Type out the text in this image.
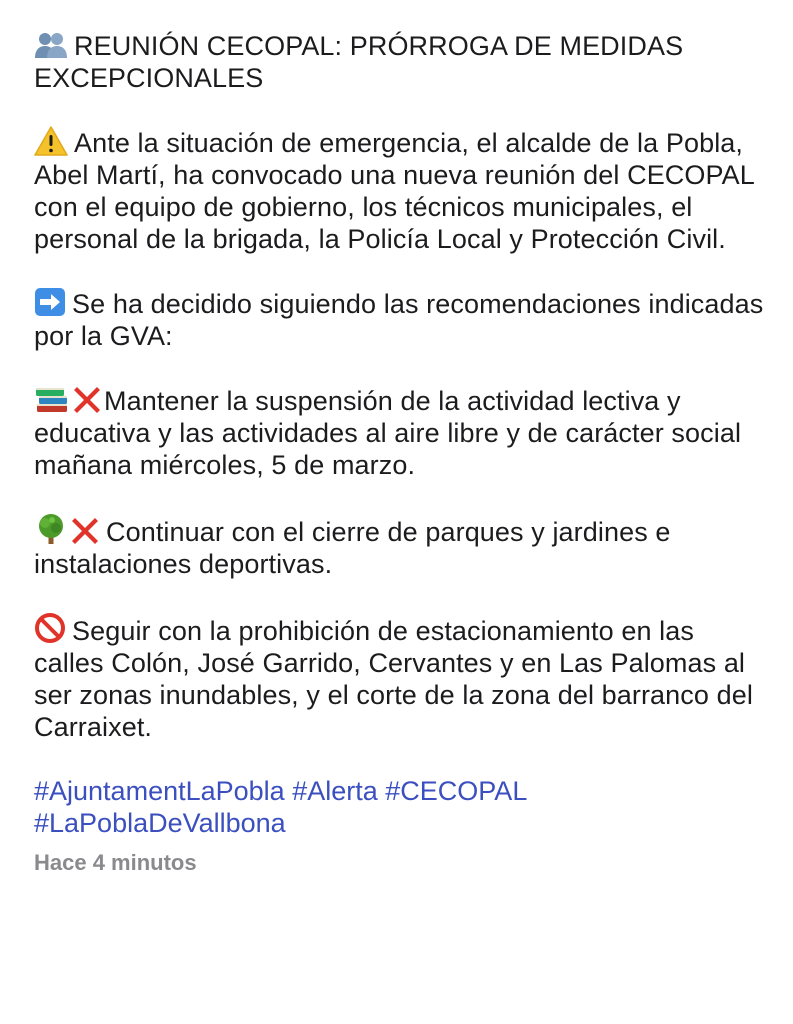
REUNIÓN CECOPAL: PRÓRROGA DE MEDIDAS EXCEPCIONALES

Ante la situación de emergencia, el alcalde de la Pobla, Abel Martí, ha convocado una nueva reunión del CECOPAL con el equipo de gobierno, los técnicos municipales, el personal de la brigada, la Policía Local y Protección Civil.

Se ha decidido siguiendo las recomendaciones indicadas por la GVA:

Mantener la suspensión de la actividad lectiva y educativa y las actividades al aire libre y de carácter social mañana miércoles, 5 de marzo.

Continuar con el cierre de parques y jardines e instalaciones deportivas.

Seguir con la prohibición de estacionamiento en las calles Colón, José Garrido, Cervantes y en Las Palomas al ser zonas inundables, y el corte de la zona del barranco del Carraixet.

#AjuntamentLaPobla #Alerta #CECOPAL #LaPoblaDeVallbona

Hace 4 minutos
